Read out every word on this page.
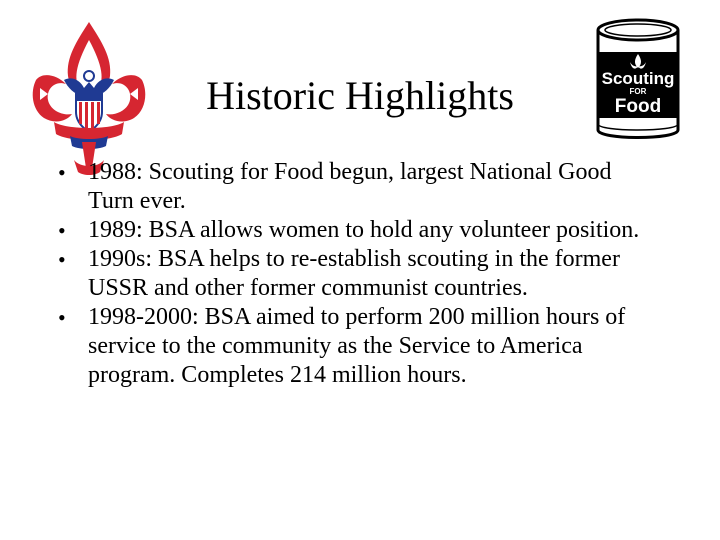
Historic Highlights	Scouting
FOR
Food
• 1988: Scouting for Food begun, largest National Good Turn ever.
• 1989: BSA allows women to hold any volunteer position.
• 1990s: BSA helps to re-establish scouting in the former USSR and other former communist countries.
• 1998-2000: BSA aimed to perform 200 million hours of service to the community as the Service to America program. Completes 214 million hours.
